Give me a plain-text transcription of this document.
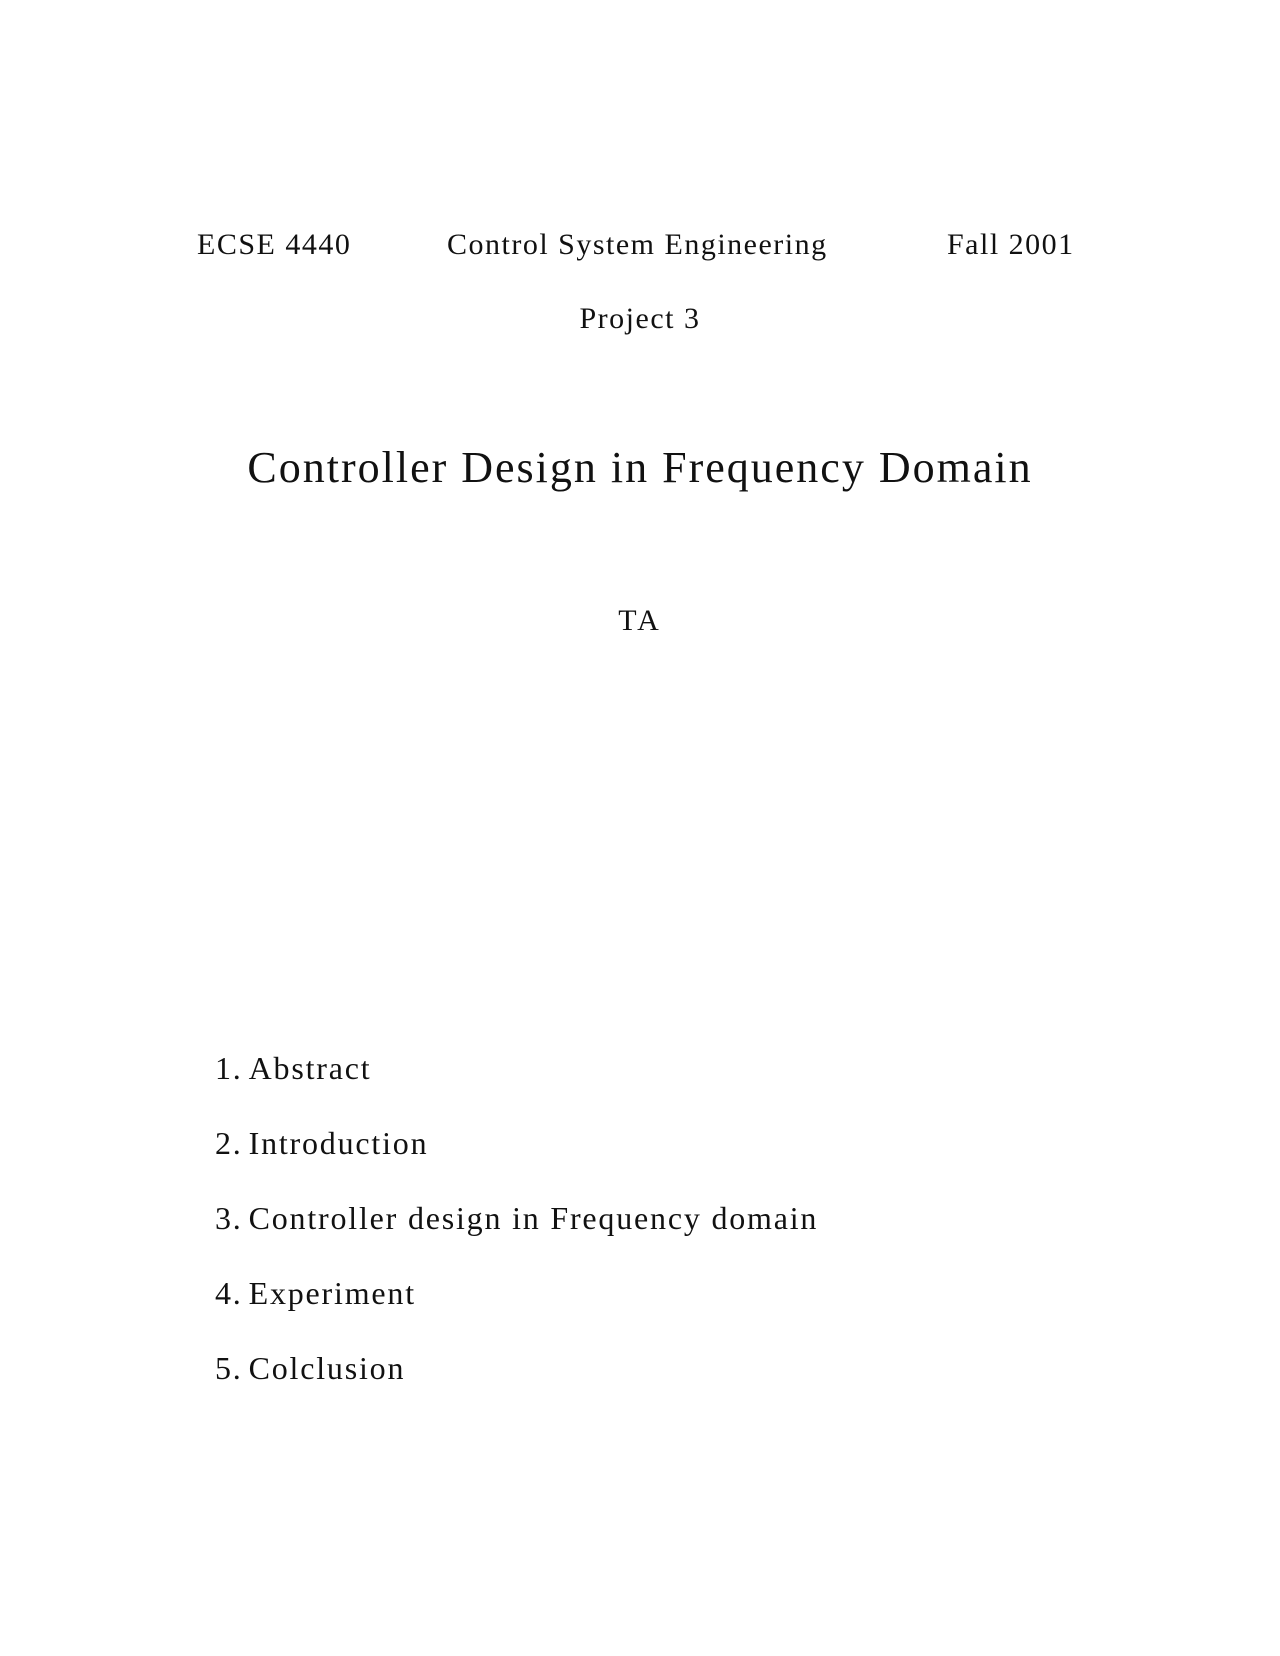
ECSE 4440	Control System Engineering	Fall 2001
Project 3
Controller Design in Frequency Domain
TA
1. Abstract
2. Introduction
3. Controller design in Frequency domain
4. Experiment
5. Colclusion
